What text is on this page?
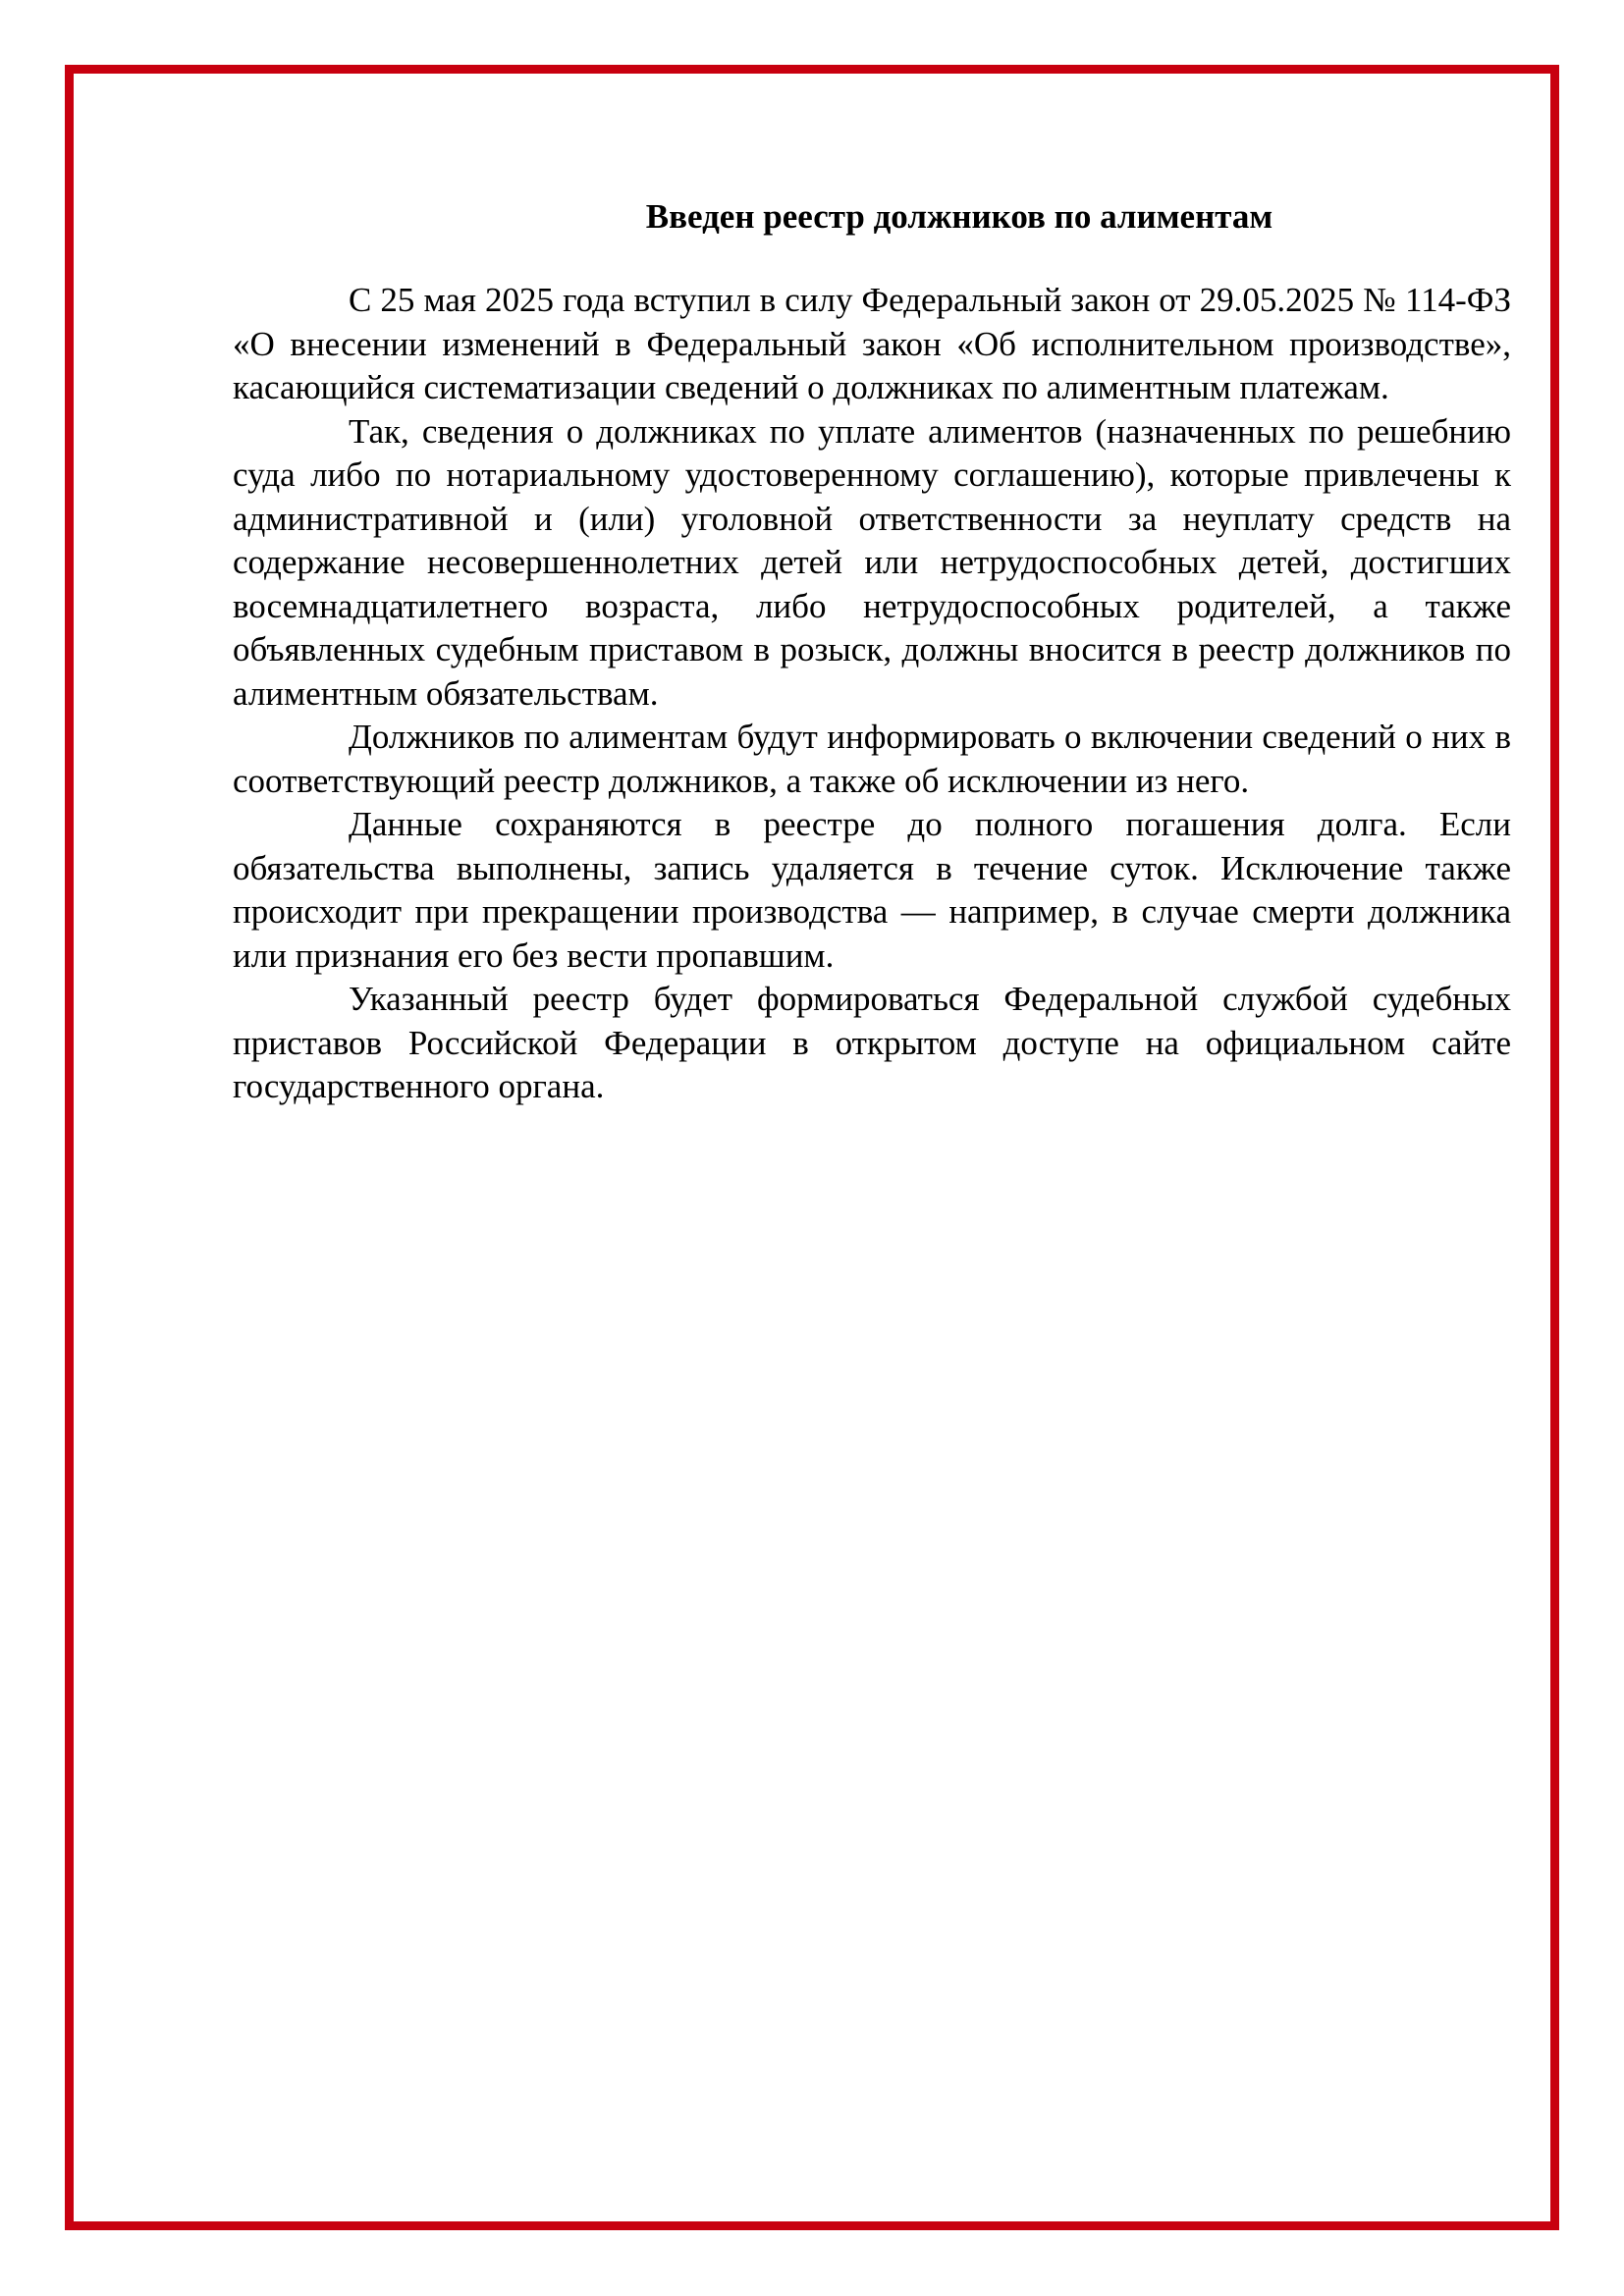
Введен реестр должников по алиментам

С 25 мая 2025 года вступил в силу Федеральный закон от 29.05.2025 № 114-ФЗ «О внесении изменений в Федеральный закон «Об исполнительном производстве», касающийся систематизации сведений о должниках по алиментным платежам.

Так, сведения о должниках по уплате алиментов (назначенных по решебнию суда либо по нотариальному удостоверенному соглашению), которые привлечены к административной и (или) уголовной ответственности за неуплату средств на содержание несовершеннолетних детей или нетрудоспособных детей, достигших восемнадцатилетнего возраста, либо нетрудоспособных родителей, а также объявленных судебным приставом в розыск, должны вносится в реестр должников по алиментным обязательствам.

Должников по алиментам будут информировать о включении сведений о них в соответствующий реестр должников, а также об исключении из него.

Данные сохраняются в реестре до полного погашения долга. Если обязательства выполнены, запись удаляется в течение суток. Исключение также происходит при прекращении производства — например, в случае смерти должника или признания его без вести пропавшим.

Указанный реестр будет формироваться Федеральной службой судебных приставов Российской Федерации в открытом доступе на официальном сайте государственного органа.
